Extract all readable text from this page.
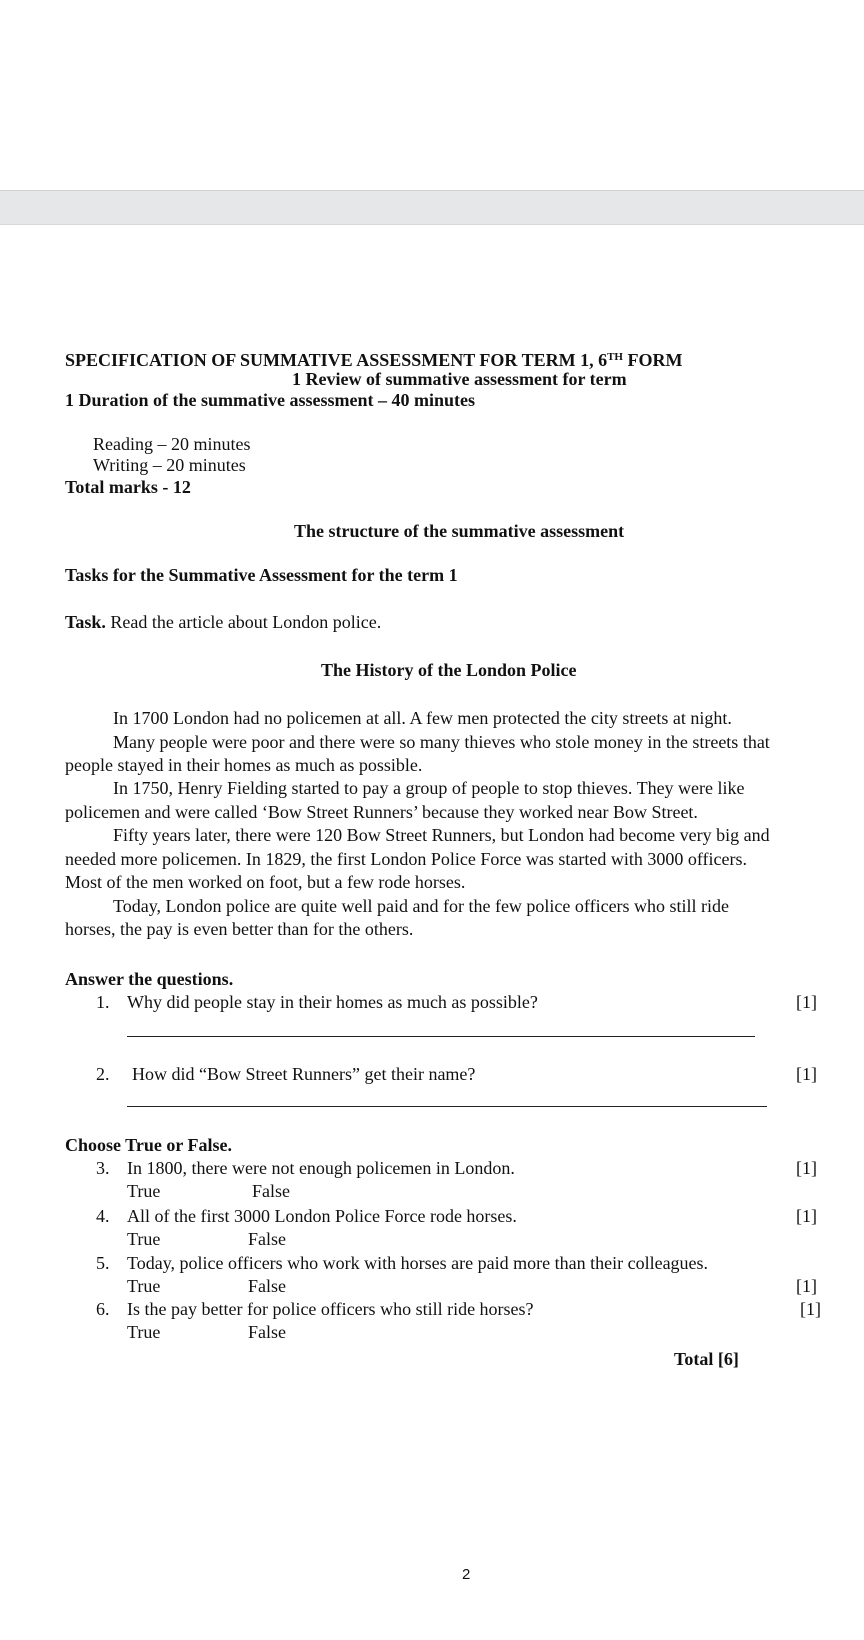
SPECIFICATION OF SUMMATIVE ASSESSMENT FOR TERM 1, 6TH FORM
1 Review of summative assessment for term
1 Duration of the summative assessment – 40 minutes
Reading – 20 minutes
Writing – 20 minutes
Total marks - 12
The structure of the summative assessment
Tasks for the Summative Assessment for the term 1
Task. Read the article about London police.
The History of the London Police
In 1700 London had no policemen at all. A few men protected the city streets at night.
Many people were poor and there were so many thieves who stole money in the streets that
people stayed in their homes as much as possible.
In 1750, Henry Fielding started to pay a group of people to stop thieves. They were like
policemen and were called ‘Bow Street Runners’ because they worked near Bow Street.
Fifty years later, there were 120 Bow Street Runners, but London had become very big and
needed more policemen. In 1829, the first London Police Force was started with 3000 officers.
Most of the men worked on foot, but a few rode horses.
Today, London police are quite well paid and for the few police officers who still ride
horses, the pay is even better than for the others.
Answer the questions.
1. Why did people stay in their homes as much as possible?	[1]
2. How did “Bow Street Runners” get their name?	[1]
Choose True or False.
3. In 1800, there were not enough policemen in London.	[1]
True	False
4. All of the first 3000 London Police Force rode horses.	[1]
True	False
5. Today, police officers who work with horses are paid more than their colleagues.
True	False	[1]
6. Is the pay better for police officers who still ride horses?	[1]
True	False
Total [6]
2
